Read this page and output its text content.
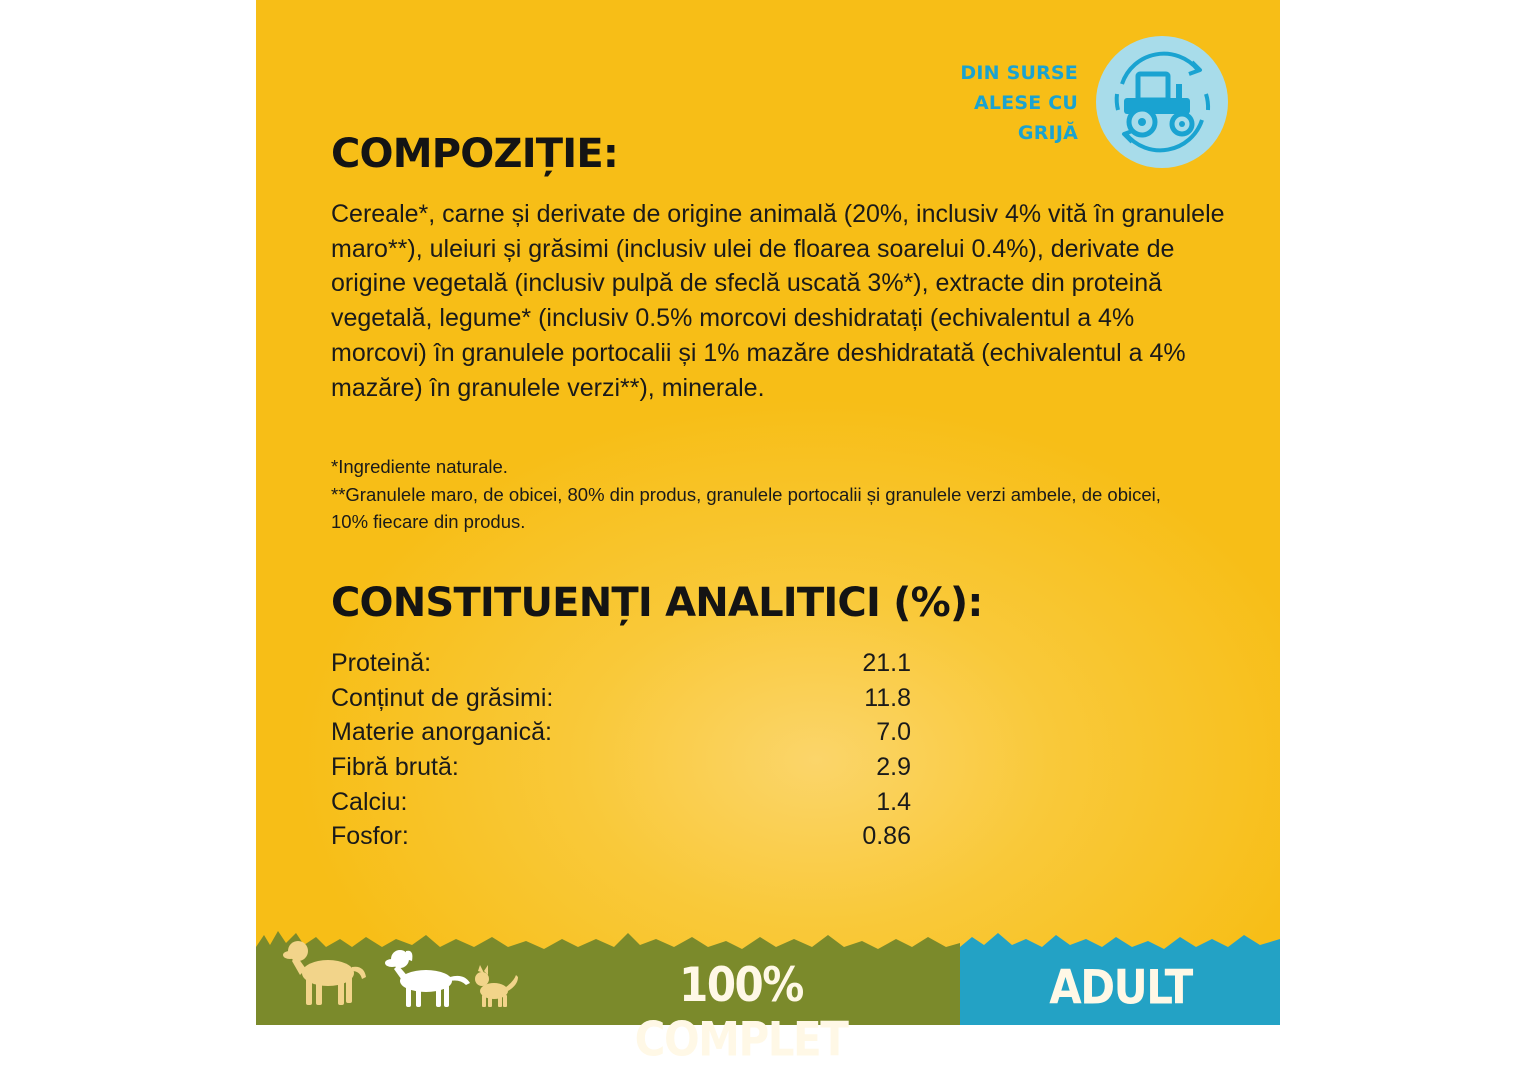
DIN SURSE
ALESE CU
GRIJĂ
COMPOZIȚIE:

Cereale*, carne și derivate de origine animală (20%, inclusiv 4% vită în granulele maro**), uleiuri și grăsimi (inclusiv ulei de floarea soarelui 0.4%), derivate de origine vegetală (inclusiv pulpă de sfeclă uscată 3%*), extracte din proteină vegetală, legume* (inclusiv 0.5% morcovi deshidratați (echivalentul a 4% morcovi) în granulele portocalii și 1% mazăre deshidratată (echivalentul a 4% mazăre) în granulele verzi**), minerale.

*Ingrediente naturale.

**Granulele maro, de obicei, 80% din produs, granulele portocalii și granulele verzi ambele, de obicei, 10% fiecare din produs.

CONSTITUENȚI ANALITICI (%):
Proteină:	21.1
Conținut de grăsimi:	11.8
Materie anorganică:	7.0
Fibră brută:	2.9
Calciu:	1.4
Fosfor:	0.86
100% COMPLET
ADULT
